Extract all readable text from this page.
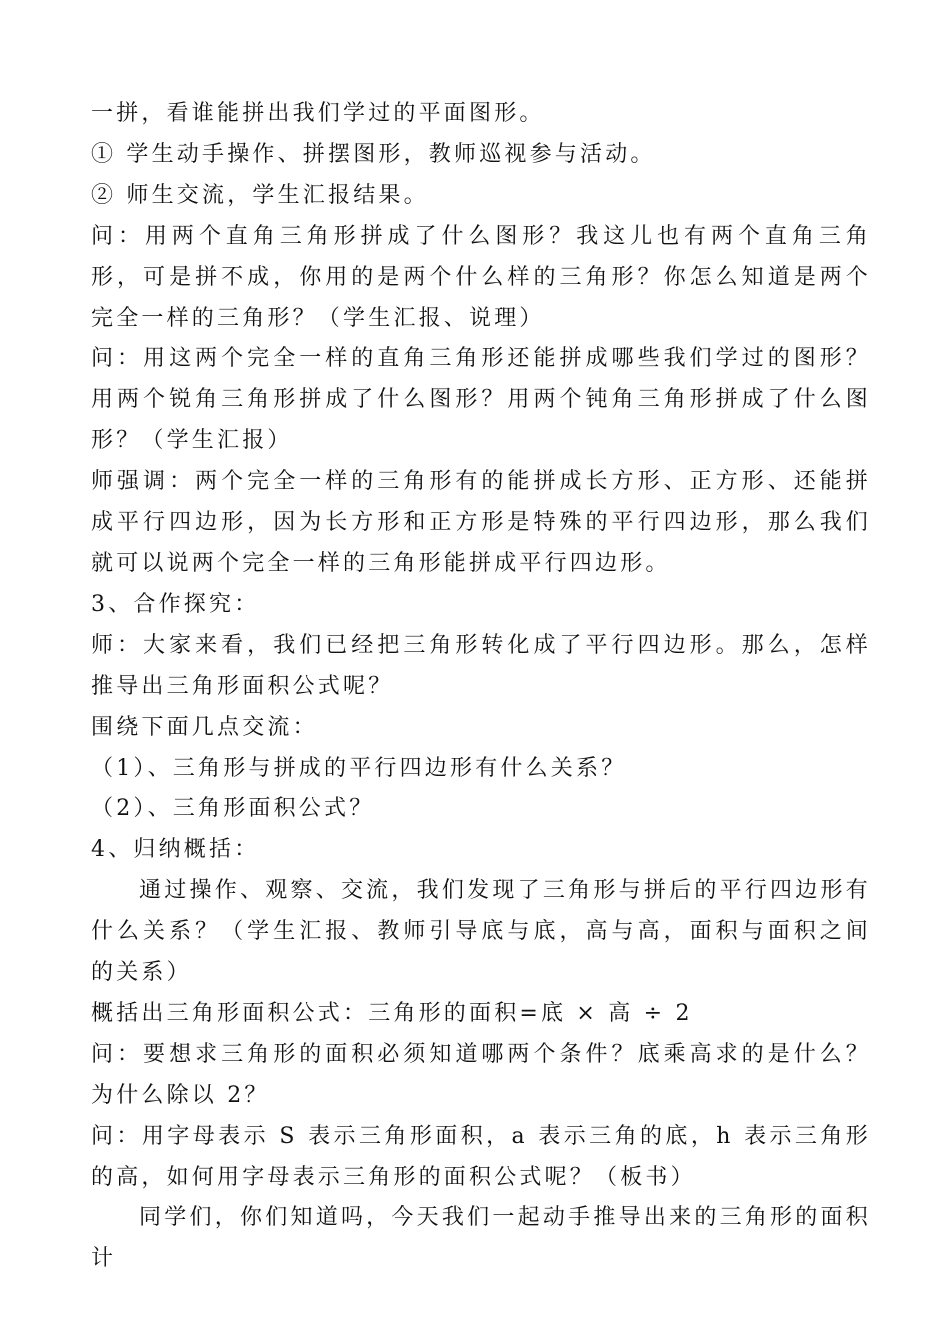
一拼，看谁能拼出我们学过的平面图形。

① 学生动手操作、拼摆图形，教师巡视参与活动。

② 师生交流，学生汇报结果。

问：用两个直角三角形拼成了什么图形？我这儿也有两个直角三角形，可是拼不成，你用的是两个什么样的三角形？你怎么知道是两个完全一样的三角形？（学生汇报、说理）

问：用这两个完全一样的直角三角形还能拼成哪些我们学过的图形？用两个锐角三角形拼成了什么图形？用两个钝角三角形拼成了什么图形？（学生汇报）

师强调：两个完全一样的三角形有的能拼成长方形、正方形、还能拼成平行四边形，因为长方形和正方形是特殊的平行四边形，那么我们就可以说两个完全一样的三角形能拼成平行四边形。

3、合作探究：

师：大家来看，我们已经把三角形转化成了平行四边形。那么，怎样推导出三角形面积公式呢？

围绕下面几点交流：

（1）、三角形与拼成的平行四边形有什么关系？

（2）、三角形面积公式？

4、归纳概括：

通过操作、观察、交流，我们发现了三角形与拼后的平行四边形有什么关系？（学生汇报、教师引导底与底，高与高，面积与面积之间的关系）

概括出三角形面积公式：三角形的面积=底 × 高 ÷ 2

问：要想求三角形的面积必须知道哪两个条件？底乘高求的是什么？为什么除以 2？

问：用字母表示 S 表示三角形面积，a 表示三角的底，h 表示三角形的高，如何用字母表示三角形的面积公式呢？（板书）

同学们，你们知道吗，今天我们一起动手推导出来的三角形的面积计
